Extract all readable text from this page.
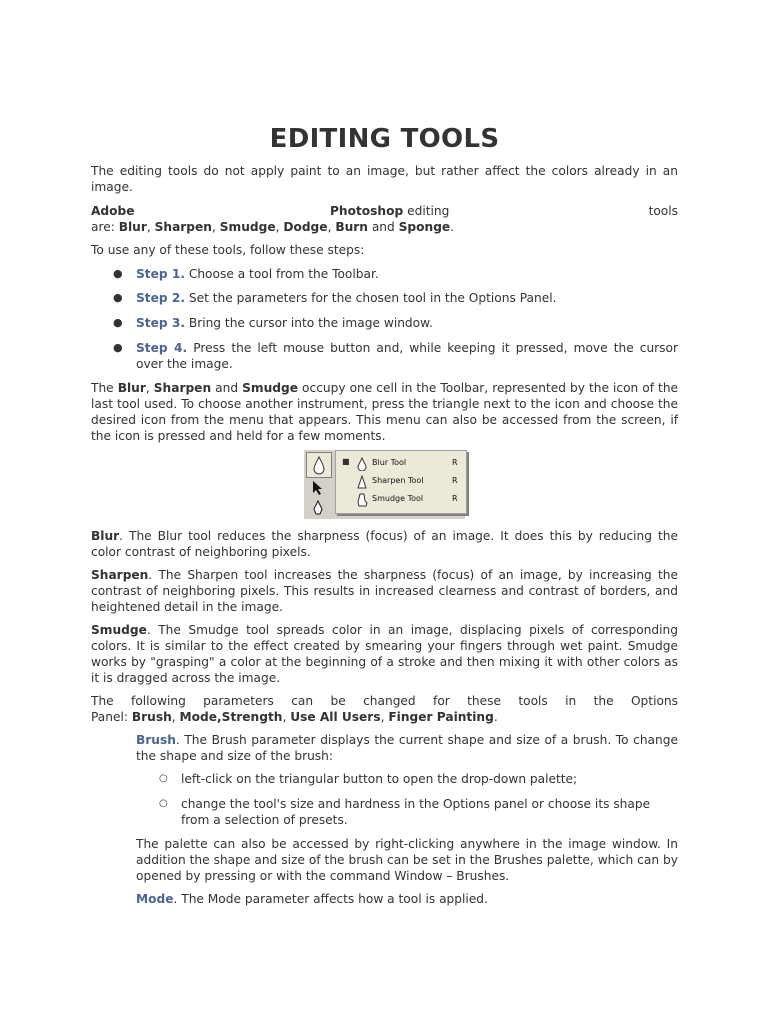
EDITING TOOLS

The editing tools do not apply paint to an image, but rather affect the colors already in an image.

Adobe	Photoshop editing	tools
are: Blur, Sharpen, Smudge, Dodge, Burn and Sponge.

To use any of these tools, follow these steps:

● Step 1. Choose a tool from the Toolbar.
● Step 2. Set the parameters for the chosen tool in the Options Panel.
● Step 3. Bring the cursor into the image window.
● Step 4. Press the left mouse button and, while keeping it pressed, move the cursor over the image.

The Blur, Sharpen and Smudge occupy one cell in the Toolbar, represented by the icon of the last tool used. To choose another instrument, press the triangle next to the icon and choose the desired icon from the menu that appears. This menu can also be accessed from the screen, if the icon is pressed and held for a few moments.

Blur. The Blur tool reduces the sharpness (focus) of an image. It does this by reducing the color contrast of neighboring pixels.

Sharpen. The Sharpen tool increases the sharpness (focus) of an image, by increasing the contrast of neighboring pixels. This results in increased clearness and contrast of borders, and heightened detail in the image.

Smudge. The Smudge tool spreads color in an image, displacing pixels of corresponding colors. It is similar to the effect created by smearing your fingers through wet paint. Smudge works by "grasping" a color at the beginning of a stroke and then mixing it with other colors as it is dragged across the image.

The following parameters can be changed for these tools in the Options
Panel: Brush, Mode,Strength, Use All Users, Finger Painting.

Brush. The Brush parameter displays the current shape and size of a brush. To change the shape and size of the brush:

○ left-click on the triangular button to open the drop-down palette;
○ change the tool's size and hardness in the Options panel or choose its shape from a selection of presets.

The palette can also be accessed by right-clicking anywhere in the image window. In addition the shape and size of the brush can be set in the Brushes palette, which can by opened by pressing or with the command Window – Brushes.

Mode. The Mode parameter affects how a tool is applied.

■	Blur Tool	R
Sharpen Tool	R
Smudge Tool	R
